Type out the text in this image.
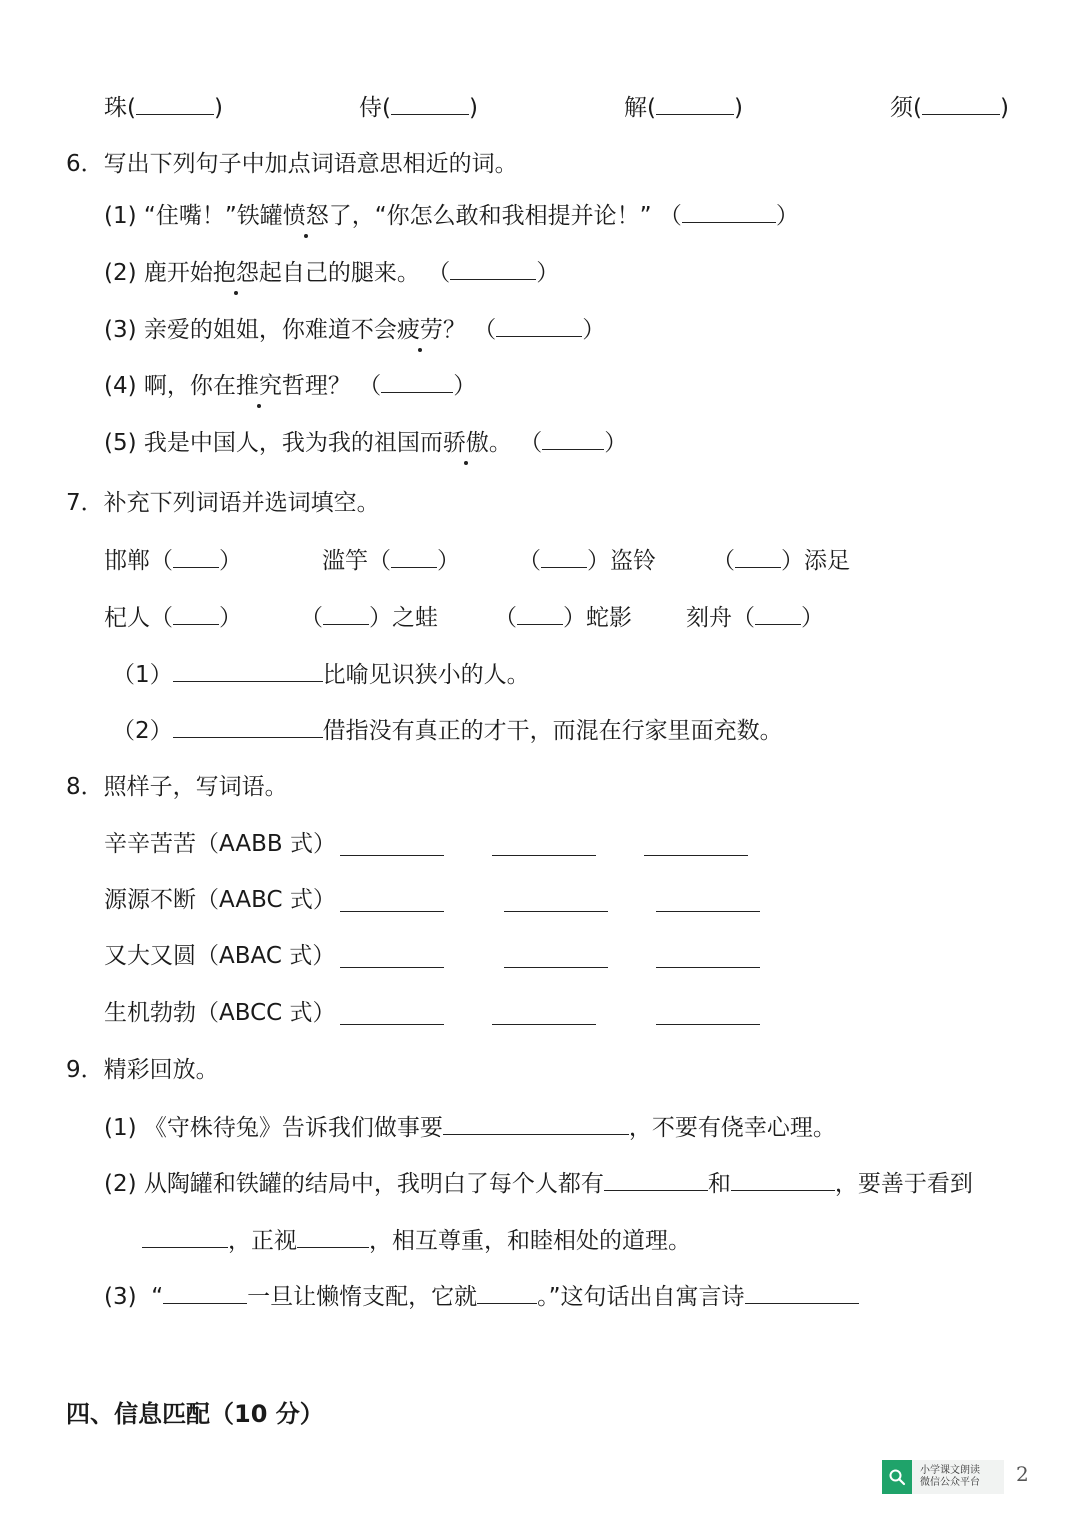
珠(	)	侍(	)	解(	)	须(	)
6．写出下列句子中加点词语意思相近的词。
(1) “住嘴！”铁罐愤怒了，“你怎么敢和我相提并论！” （	）
(2) 鹿开始抱怨起自己的腿来。 （	）
(3) 亲爱的姐姐，你难道不会疲劳？ （	）
(4) 啊，你在推究哲理？ （	）
(5) 我是中国人，我为我的祖国而骄傲。 （	）
7．补充下列词语并选词填空。
邯郸（ ）	滥竽（ ）	（ ）盗铃 （ ）添足
杞人（ ）	（ ）之蛙 （ ）蛇影 刻舟（ ）
（1）	比喻见识狭小的人。
（2）	借指没有真正的才干，而混在行家里面充数。
8．照样子，写词语。
辛辛苦苦（AABB 式）
源源不断（AABC 式）
又大又圆（ABAC 式）
生机勃勃（ABCC 式）
9．精彩回放。
(1) 《守株待兔》告诉我们做事要	，不要有侥幸心理。
(2) 从陶罐和铁罐的结局中，我明白了每个人都有	和	，要善于看到
，正视	，相互尊重，和睦相处的道理。
(3) “	一旦让懒惰支配，它就	。”这句话出自寓言诗
四、信息匹配（10 分）
小学课文朗读
微信公众平台 2
